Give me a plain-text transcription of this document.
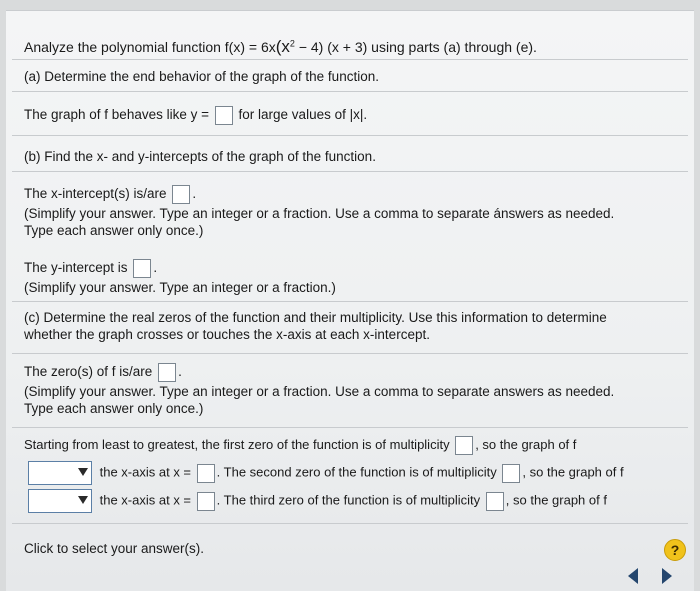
Analyze the polynomial function $f(x) = 6x(x^2 - 4) (x + 3)$ using parts (a) through (e).
(a) Determine the end behavior of the graph of the function.
The graph of f behaves like y = for large values of |x|.
(b) Find the x- and y-intercepts of the graph of the function.
The x-intercept(s) is/are .
(Simplify your answer. Type an integer or a fraction. Use a comma to separate ánswers as needed.
Type each answer only once.)
The y-intercept is .
(Simplify your answer. Type an integer or a fraction.)
(c) Determine the real zeros of the function and their multiplicity. Use this information to determine
whether the graph crosses or touches the x-axis at each x-intercept.
The zero(s) of f is/are .
(Simplify your answer. Type an integer or a fraction. Use a comma to separate answers as needed.
Type each answer only once.)
Starting from least to greatest, the first zero of the function is of multiplicity , so the graph of f
the x-axis at x = . The second zero of the function is of multiplicity , so the graph of f
the x-axis at x = . The third zero of the function is of multiplicity , so the graph of f
Click to select your answer(s).	?
